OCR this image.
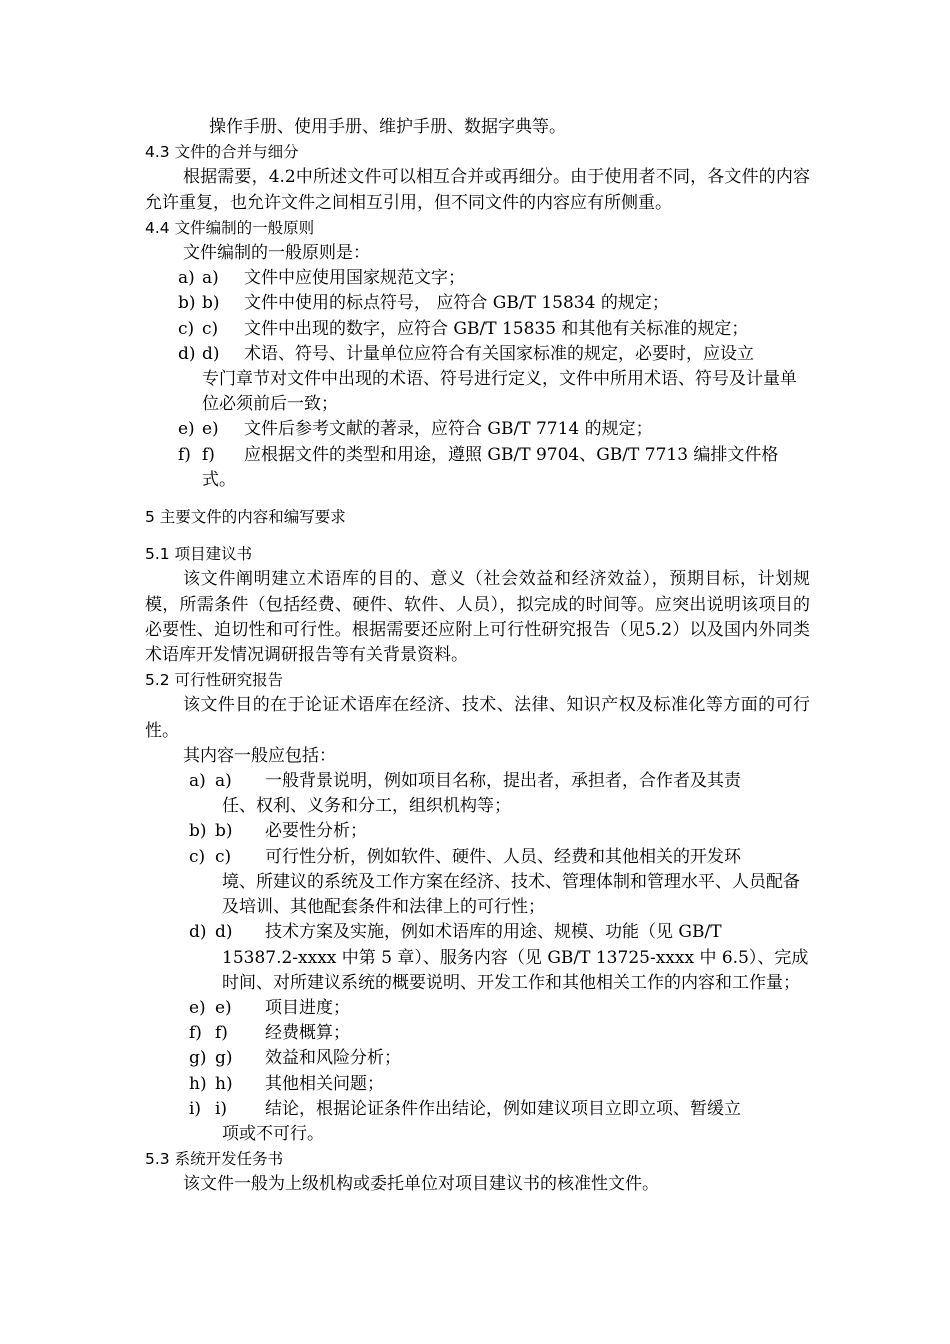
操作手册、使用手册、维护手册、数据字典等。

4.3 文件的合并与细分

根据需要，4.2中所述文件可以相互合并或再细分。由于使用者不同，各文件的内容允许重复，也允许文件之间相互引用，但不同文件的内容应有所侧重。

4.4 文件编制的一般原则

文件编制的一般原则是：

a) a)	文件中应使用国家规范文字；
b) b)	文件中使用的标点符号， 应符合 GB/T 15834 的规定；
c) c)	文件中出现的数字，应符合 GB/T 15835 和其他有关标准的规定；
d) d)	术语、符号、计量单位应符合有关国家标准的规定，必要时，应设立

专门章节对文件中出现的术语、符号进行定义，文件中所用术语、符号及计量单位必须前后一致；

e) e)	文件后参考文献的著录，应符合 GB/T 7714 的规定；
f) f)	应根据文件的类型和用途，遵照 GB/T 9704、GB/T 7713 编排文件格

式。

5 主要文件的内容和编写要求

5.1 项目建议书

该文件阐明建立术语库的目的、意义（社会效益和经济效益），预期目标，计划规模，所需条件（包括经费、硬件、软件、人员），拟完成的时间等。应突出说明该项目的必要性、迫切性和可行性。根据需要还应附上可行性研究报告（见5.2）以及国内外同类术语库开发情况调研报告等有关背景资料。

5.2 可行性研究报告

该文件目的在于论证术语库在经济、技术、法律、知识产权及标准化等方面的可行性。

其内容一般应包括：

a) a)	一般背景说明，例如项目名称，提出者，承担者，合作者及其责

任、权利、义务和分工，组织机构等；

b) b)	必要性分析；
c) c)	可行性分析，例如软件、硬件、人员、经费和其他相关的开发环

境、所建议的系统及工作方案在经济、技术、管理体制和管理水平、人员配备及培训、其他配套条件和法律上的可行性；

d) d)	技术方案及实施，例如术语库的用途、规模、功能（见 GB/T

15387.2-xxxx 中第 5 章）、服务内容（见 GB/T 13725-xxxx 中 6.5）、完成时间、对所建议系统的概要说明、开发工作和其他相关工作的内容和工作量；

e) e)	项目进度；
f) f)	经费概算；
g) g)	效益和风险分析；
h) h)	其他相关问题；
i) i)	结论，根据论证条件作出结论，例如建议项目立即立项、暂缓立

项或不可行。

5.3 系统开发任务书

该文件一般为上级机构或委托单位对项目建议书的核准性文件。
